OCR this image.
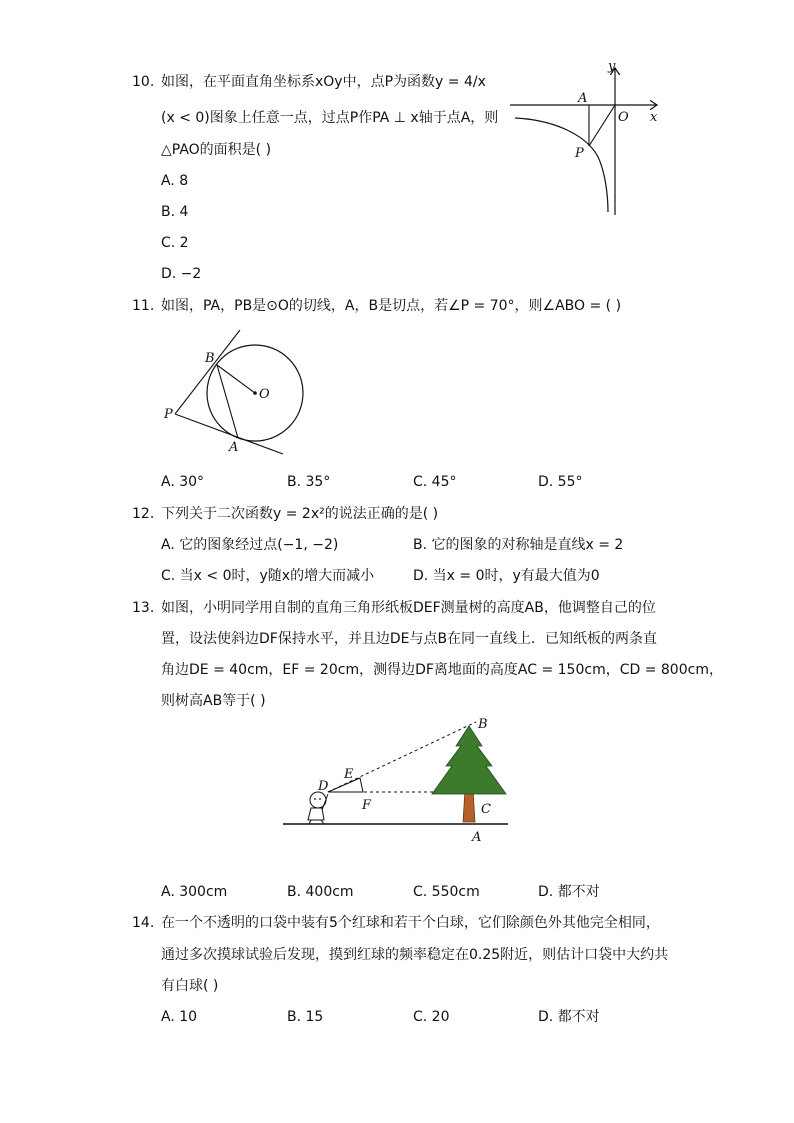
10. 如图，在平面直角坐标系xOy中，点P为函数y = 4/x
(x < 0)图象上任意一点，过点P作PA ⊥ x轴于点A，则
△PAO的面积是( )
A. 8
B. 4
C. 2
D. −2
y
x
O
A
P
11. 如图，PA，PB是⊙O的切线，A，B是切点，若∠P = 70°，则∠ABO = ( )
B
O
P
A
A. 30°	B. 35°	C. 45°	D. 55°
12. 下列关于二次函数y = 2x²的说法正确的是( )
A. 它的图象经过点(−1, −2)	B. 它的图象的对称轴是直线x = 2
C. 当x < 0时，y随x的增大而减小	D. 当x = 0时，y有最大值为0
13. 如图，小明同学用自制的直角三角形纸板DEF测量树的高度AB，他调整自己的位
置，设法使斜边DF保持水平，并且边DE与点B在同一直线上．已知纸板的两条直
角边DE = 40cm，EF = 20cm，测得边DF离地面的高度AC = 150cm，CD = 800cm，
则树高AB等于( )
B
D
E
F	C
A
A. 300cm	B. 400cm	C. 550cm	D. 都不对
14. 在一个不透明的口袋中装有5个红球和若干个白球，它们除颜色外其他完全相同，
通过多次摸球试验后发现，摸到红球的频率稳定在0.25附近，则估计口袋中大约共
有白球( )
A. 10	B. 15	C. 20	D. 都不对
